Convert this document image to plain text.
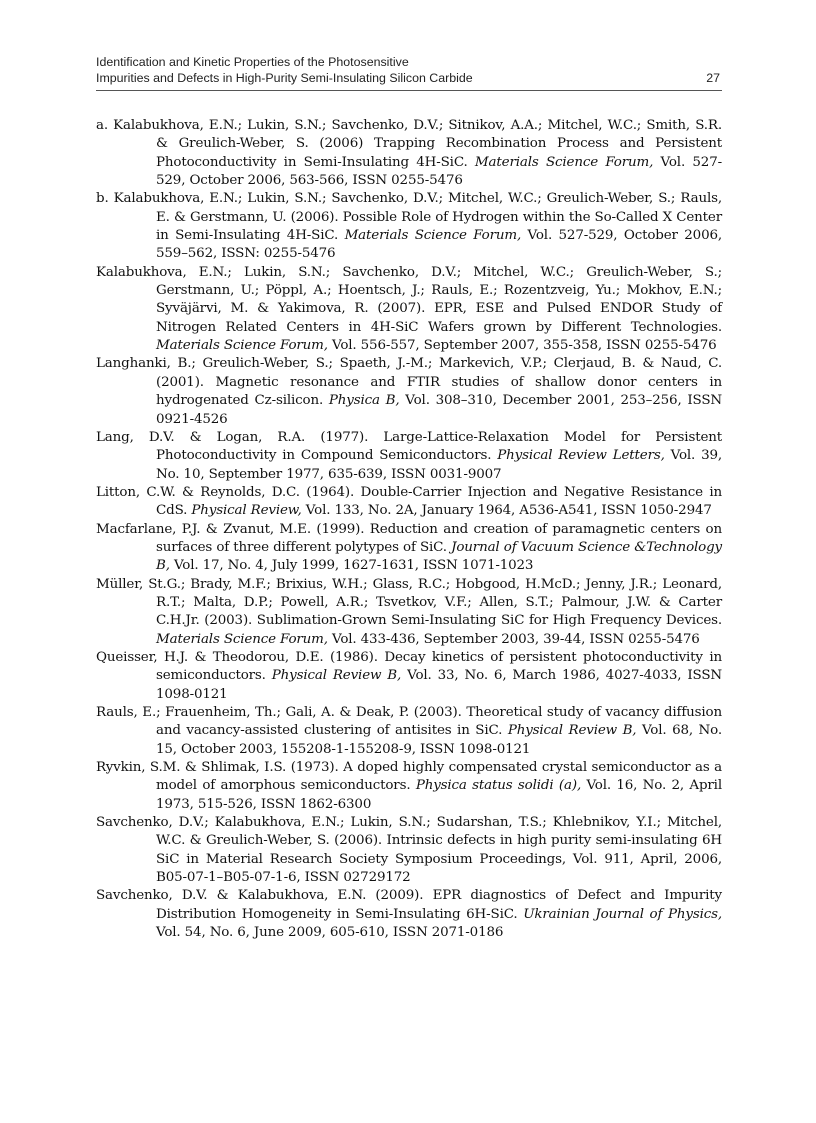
Identification and Kinetic Properties of the Photosensitive
Impurities and Defects in High-Purity Semi-Insulating Silicon Carbide	27

a. Kalabukhova, E.N.; Lukin, S.N.; Savchenko, D.V.; Sitnikov, A.A.; Mitchel, W.C.; Smith, S.R. & Greulich-Weber, S. (2006) Trapping Recombination Process and Persistent Photoconductivity in Semi-Insulating 4H-SiC. Materials Science Forum, Vol. 527-529, October 2006, 563-566, ISSN 0255-5476

b. Kalabukhova, E.N.; Lukin, S.N.; Savchenko, D.V.; Mitchel, W.C.; Greulich-Weber, S.; Rauls, E. & Gerstmann, U. (2006). Possible Role of Hydrogen within the So-Called X Center in Semi-Insulating 4H-SiC. Materials Science Forum, Vol. 527-529, October 2006, 559–562, ISSN: 0255-5476

Kalabukhova, E.N.; Lukin, S.N.; Savchenko, D.V.; Mitchel, W.C.; Greulich-Weber, S.; Gerstmann, U.; Pöppl, A.; Hoentsch, J.; Rauls, E.; Rozentzveig, Yu.; Mokhov, E.N.; Syväjärvi, M. & Yakimova, R. (2007). EPR, ESE and Pulsed ENDOR Study of Nitrogen Related Centers in 4H-SiC Wafers grown by Different Technologies. Materials Science Forum, Vol. 556-557, September 2007, 355-358, ISSN 0255-5476

Langhanki, B.; Greulich-Weber, S.; Spaeth, J.-M.; Markevich, V.P.; Clerjaud, B. & Naud, C. (2001). Magnetic resonance and FTIR studies of shallow donor centers in hydrogenated Cz-silicon. Physica B, Vol. 308–310, December 2001, 253–256, ISSN 0921-4526

Lang, D.V. & Logan, R.A. (1977). Large-Lattice-Relaxation Model for Persistent Photoconductivity in Compound Semiconductors. Physical Review Letters, Vol. 39, No. 10, September 1977, 635-639, ISSN 0031-9007

Litton, C.W. & Reynolds, D.C. (1964). Double-Carrier Injection and Negative Resistance in CdS. Physical Review, Vol. 133, No. 2A, January 1964, A536-A541, ISSN 1050-2947

Macfarlane, P.J. & Zvanut, M.E. (1999). Reduction and creation of paramagnetic centers on surfaces of three different polytypes of SiC. Journal of Vacuum Science &Technology B, Vol. 17, No. 4, July 1999, 1627-1631, ISSN 1071-1023

Müller, St.G.; Brady, M.F.; Brixius, W.H.; Glass, R.C.; Hobgood, H.McD.; Jenny, J.R.; Leonard, R.T.; Malta, D.P.; Powell, A.R.; Tsvetkov, V.F.; Allen, S.T.; Palmour, J.W. & Carter C.H.Jr. (2003). Sublimation-Grown Semi-Insulating SiC for High Frequency Devices. Materials Science Forum, Vol. 433-436, September 2003, 39-44, ISSN 0255-5476

Queisser, H.J. & Theodorou, D.E. (1986). Decay kinetics of persistent photoconductivity in semiconductors. Physical Review B, Vol. 33, No. 6, March 1986, 4027-4033, ISSN 1098-0121

Rauls, E.; Frauenheim, Th.; Gali, A. & Deak, P. (2003). Theoretical study of vacancy diffusion and vacancy-assisted clustering of antisites in SiC. Physical Review B, Vol. 68, No. 15, October 2003, 155208-1-155208-9, ISSN 1098-0121

Ryvkin, S.M. & Shlimak, I.S. (1973). A doped highly compensated crystal semiconductor as a model of amorphous semiconductors. Physica status solidi (a), Vol. 16, No. 2, April 1973, 515-526, ISSN 1862-6300

Savchenko, D.V.; Kalabukhova, E.N.; Lukin, S.N.; Sudarshan, T.S.; Khlebnikov, Y.I.; Mitchel, W.C. & Greulich-Weber, S. (2006). Intrinsic defects in high purity semi-insulating 6H SiC in Material Research Society Symposium Proceedings, Vol. 911, April, 2006, B05-07-1–B05-07-1-6, ISSN 02729172

Savchenko, D.V. & Kalabukhova, E.N. (2009). EPR diagnostics of Defect and Impurity Distribution Homogeneity in Semi-Insulating 6H-SiC. Ukrainian Journal of Physics, Vol. 54, No. 6, June 2009, 605-610, ISSN 2071-0186
